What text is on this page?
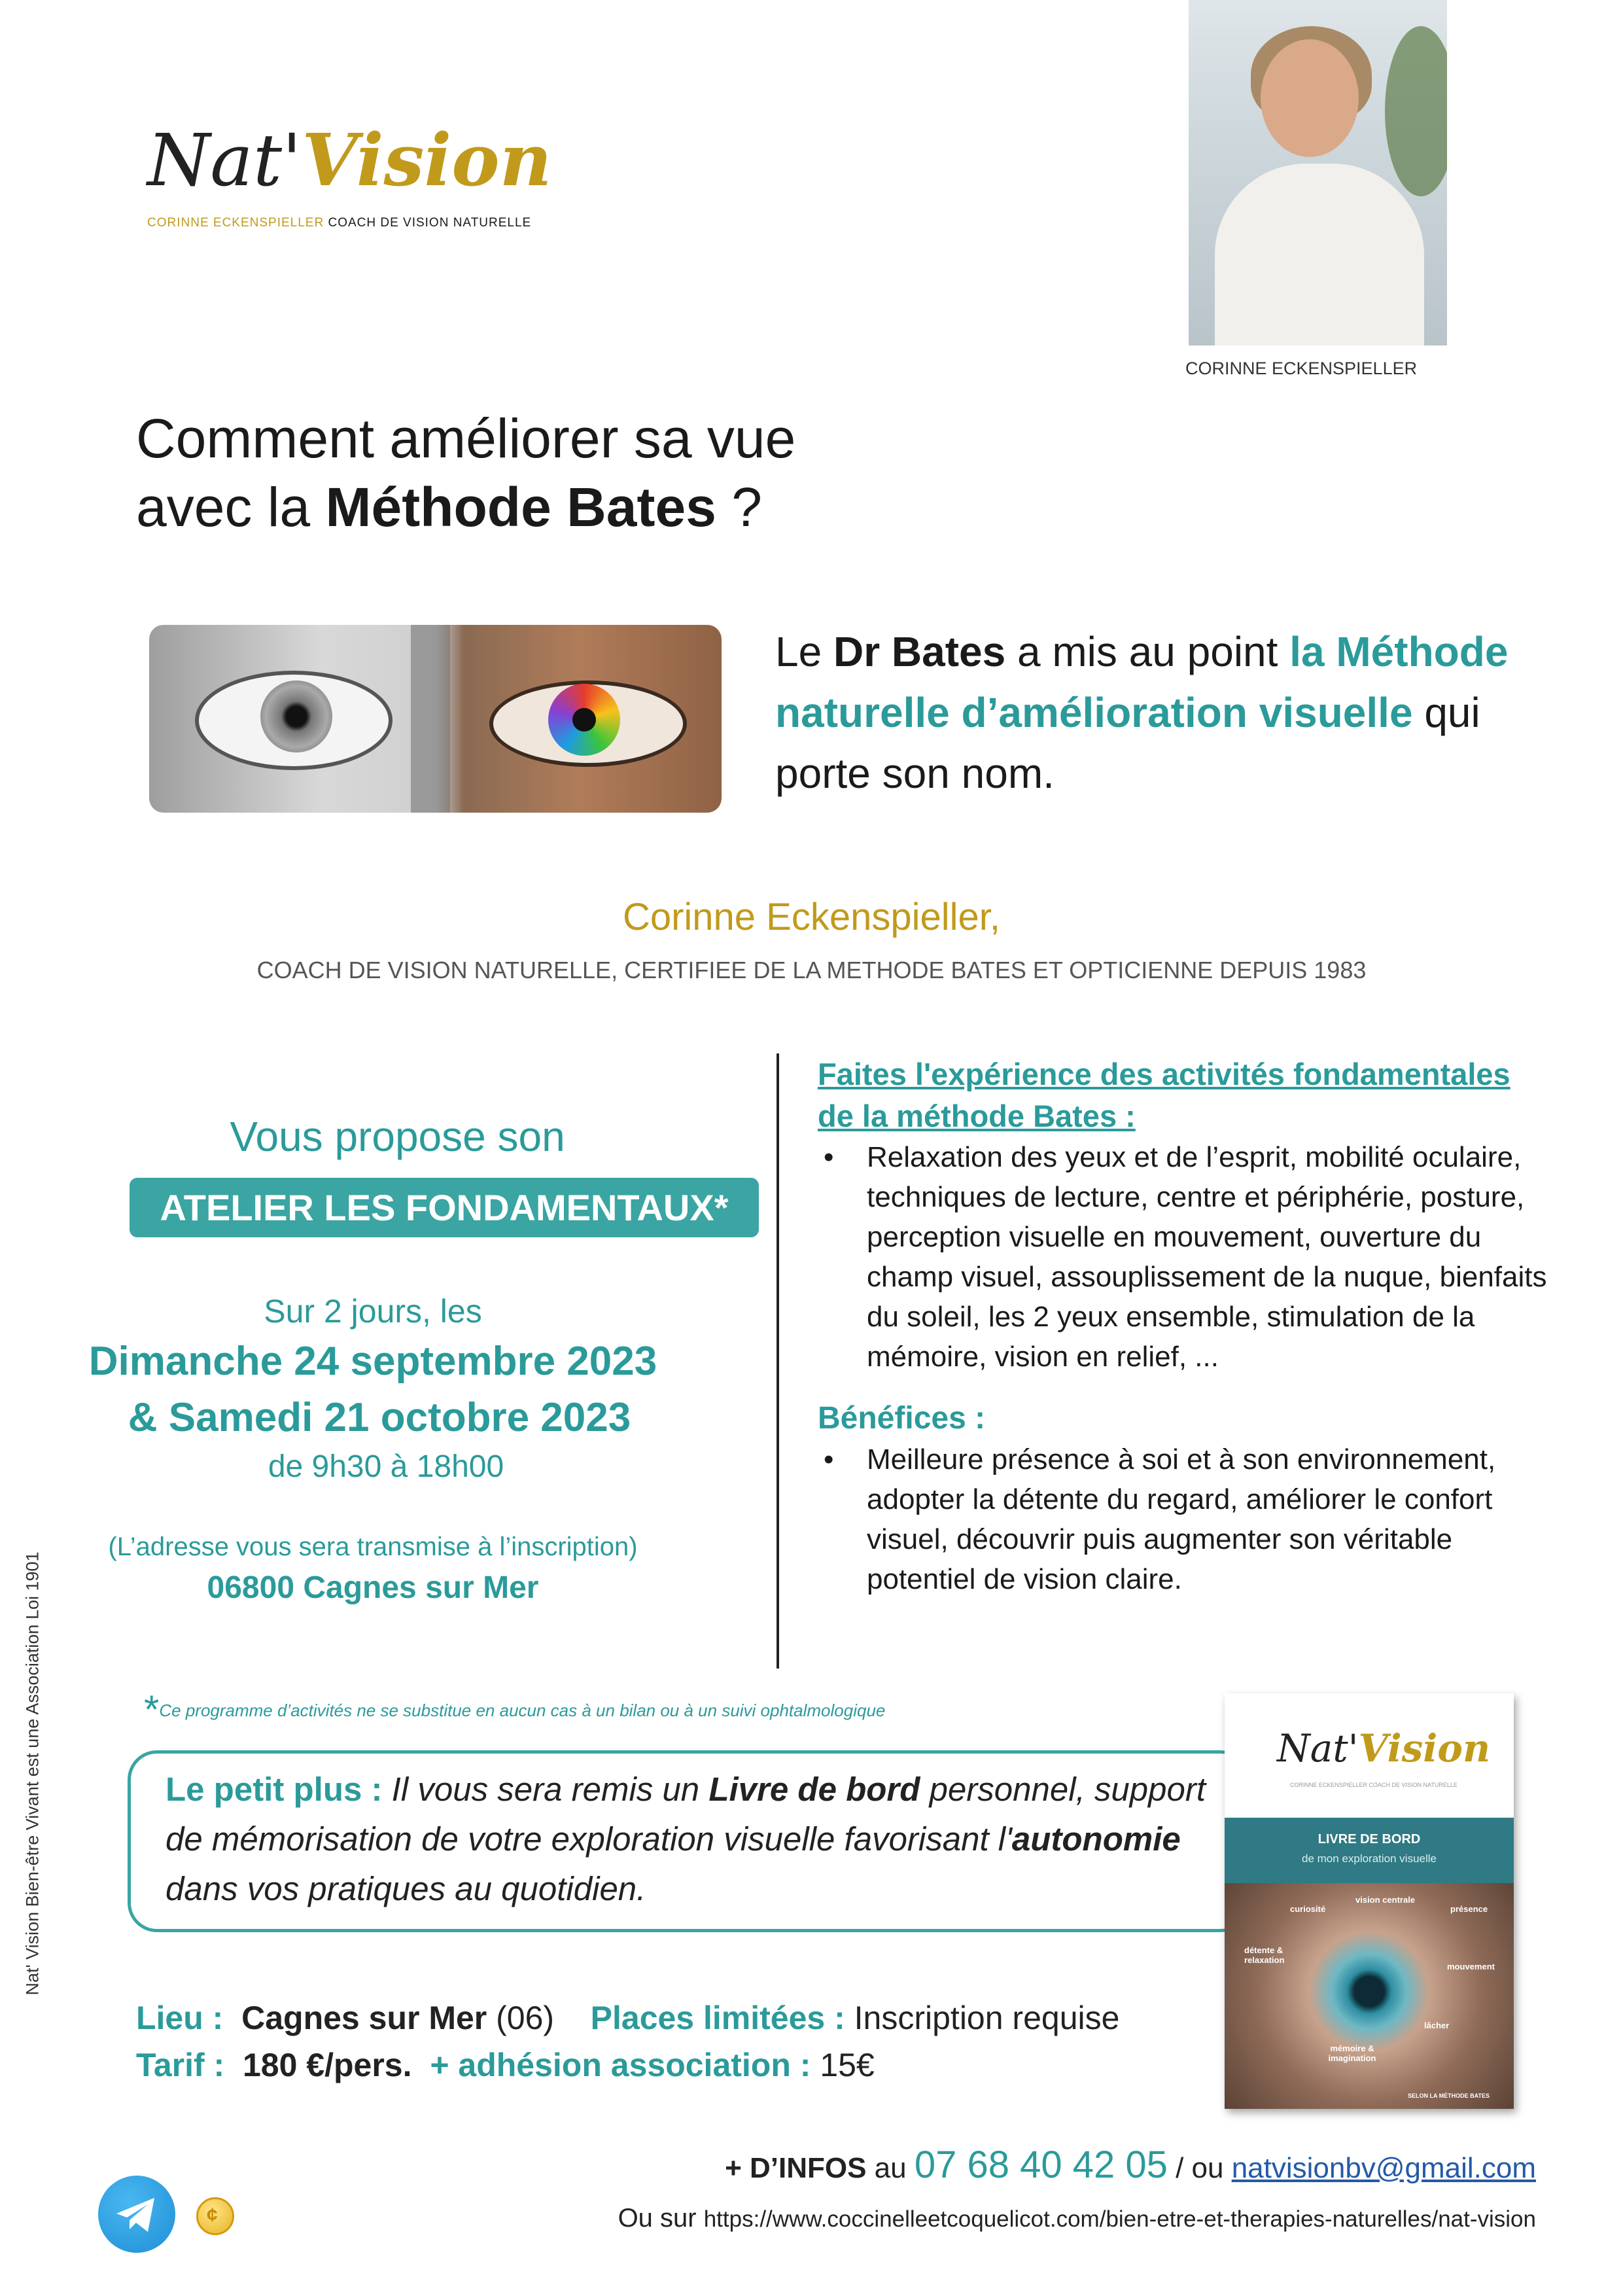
Nat'Vision
CORINNE ECKENSPIELLER COACH DE VISION NATURELLE
CORINNE ECKENSPIELLER
Comment améliorer sa vue
avec la Méthode Bates ?
Le Dr Bates a mis au point la Méthode naturelle d’amélioration visuelle qui porte son nom.
Corinne Eckenspieller,
COACH DE VISION NATURELLE, CERTIFIEE DE LA METHODE BATES ET OPTICIENNE DEPUIS 1983
Vous propose son
ATELIER LES FONDAMENTAUX*
Sur 2 jours, les
Dimanche 24 septembre 2023
& Samedi 21 octobre 2023
de 9h30 à 18h00
(L’adresse vous sera transmise à l’inscription)
06800 Cagnes sur Mer
Faites l'expérience des activités fondamentales de la méthode Bates :
• Relaxation des yeux et de l’esprit, mobilité oculaire, techniques de lecture, centre et périphérie, posture, perception visuelle en mouvement, ouverture du champ visuel, assouplissement de la nuque, bienfaits du soleil, les 2 yeux ensemble, stimulation de la mémoire, vision en relief, ...
Bénéfices :
• Meilleure présence à soi et à son environnement, adopter la détente du regard, améliorer le confort visuel, découvrir puis augmenter son véritable potentiel de vision claire.
*Ce programme d’activités ne se substitue en aucun cas à un bilan ou à un suivi ophtalmologique
Le petit plus : Il vous sera remis un Livre de bord personnel, support de mémorisation de votre exploration visuelle favorisant l'autonomie dans vos pratiques au quotidien.
Nat'Vision
CORINNE ECKENSPIELLER COACH DE VISION NATURELLE
LIVRE DE BORD
de mon exploration visuelle
curiosité
vision centrale
présence
détente & relaxation
mouvement
lâcher
mémoire & imagination
SELON LA MÉTHODE BATES
Lieu : Cagnes sur Mer (06) Places limitées : Inscription requise
Tarif : 180 €/pers. + adhésion association : 15€
+ D’INFOS au 07 68 40 42 05 / ou natvisionbv@gmail.com
Ou sur https://www.coccinelleetcoquelicot.com/bien-etre-et-therapies-naturelles/nat-vision
Nat' Vision Bien-être Vivant est une Association Loi 1901
¢
